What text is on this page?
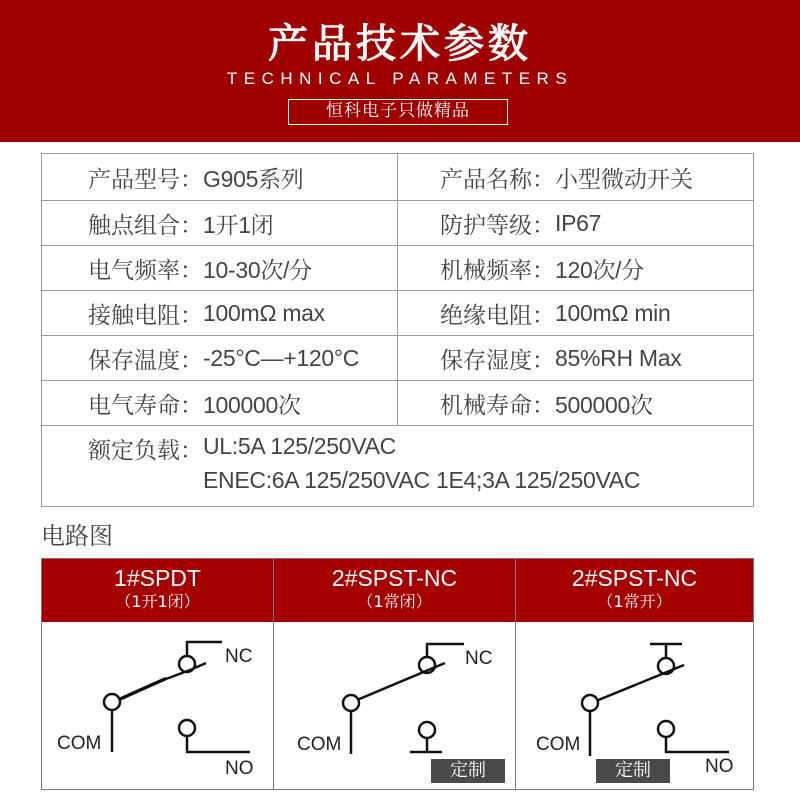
产品技术参数
TECHNICAL PARAMETERS
恒科电子只做精品
产品型号： G905系列	产品名称： 小型微动开关
触点组合： 1开1闭	防护等级： IP67
电气频率： 10-30次/分	机械频率： 120次/分
接触电阻： 100mΩ max	绝缘电阻： 100mΩ min
保存温度： -25°C—+120°C	保存湿度： 85%RH Max
电气寿命： 100000次	机械寿命： 500000次
额定负载： UL:5A 125/250VAC
ENEC:6A 125/250VAC 1E4;3A 125/250VAC
电路图
1#SPDT
（1开1闭）
NC
COM
NO
2#SPST-NC
（1常闭）
NC
COM
定制
2#SPST-NC
（1常开）
COM
NO
定制
